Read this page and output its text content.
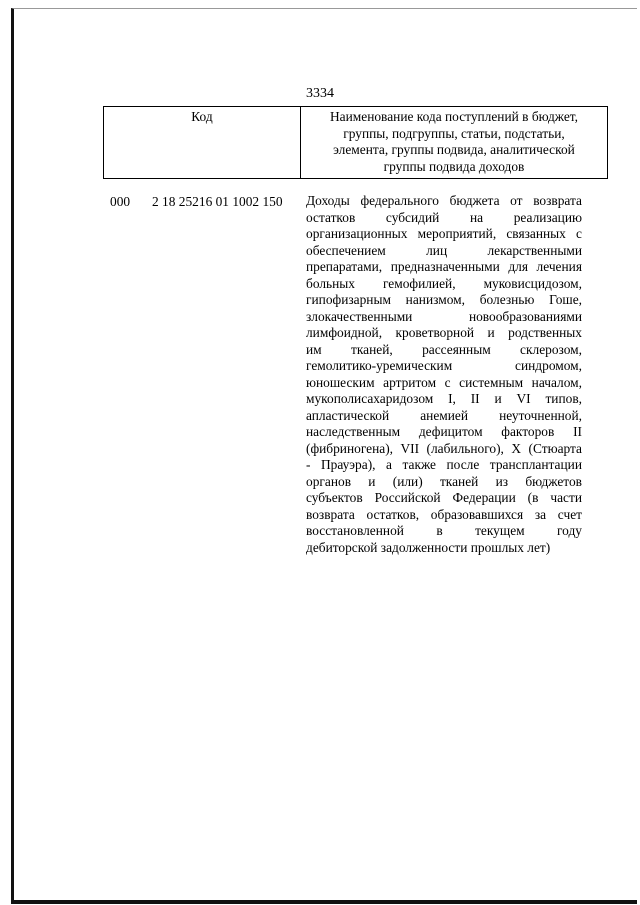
3334
Код	Наименование кода поступлений в бюджет,
группы, подгруппы, статьи, подстатьи,
элемента, группы подвида, аналитической
группы подвида доходов
000 2 18 25216 01 1002 150 Доходы федерального бюджета от возврата
остатков субсидий на реализацию
организационных мероприятий, связанных с
обеспечением лиц лекарственными
препаратами, предназначенными для лечения
больных гемофилией, муковисцидозом,
гипофизарным нанизмом, болезнью Гоше,
злокачественными новообразованиями
лимфоидной, кроветворной и родственных
им тканей, рассеянным склерозом,
гемолитико-уремическим синдромом,
юношеским артритом с системным началом,
мукополисахаридозом I, II и VI типов,
апластической анемией неуточненной,
наследственным дефицитом факторов II
(фибриногена), VII (лабильного), X (Стюарта
- Прауэра), а также после трансплантации
органов и (или) тканей из бюджетов
субъектов Российской Федерации (в части
возврата остатков, образовавшихся за счет
восстановленной в текущем году
дебиторской задолженности прошлых лет)
